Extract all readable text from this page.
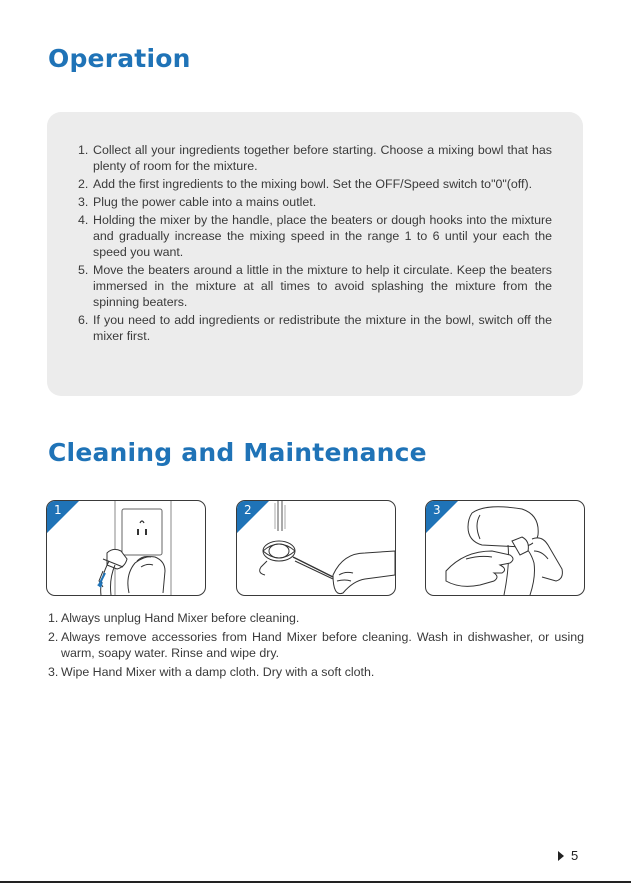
Operation
1. Collect all your ingredients together before starting. Choose a mixing bowl that has plenty of room for the mixture.
2. Add the first ingredients to the mixing bowl. Set the OFF/Speed switch to"0"(off).
3. Plug the power cable into a mains outlet.
4. Holding the mixer by the handle, place the beaters or dough hooks into the mixture and gradually increase the mixing speed in the range 1 to 6 until your each the speed you want.
5. Move the beaters around a little in the mixture to help it circulate. Keep the beaters immersed in the mixture at all times to avoid splashing the mixture from the spinning beaters.
6. If you need to add ingredients or redistribute the mixture in the bowl, switch off the mixer first.
Cleaning and Maintenance
1	2	3
1. Always unplug Hand Mixer before cleaning.
2. Always remove accessories from Hand Mixer before cleaning. Wash in dishwasher, or using warm, soapy water. Rinse and wipe dry.
3. Wipe Hand Mixer with a damp cloth. Dry with a soft cloth.
5
